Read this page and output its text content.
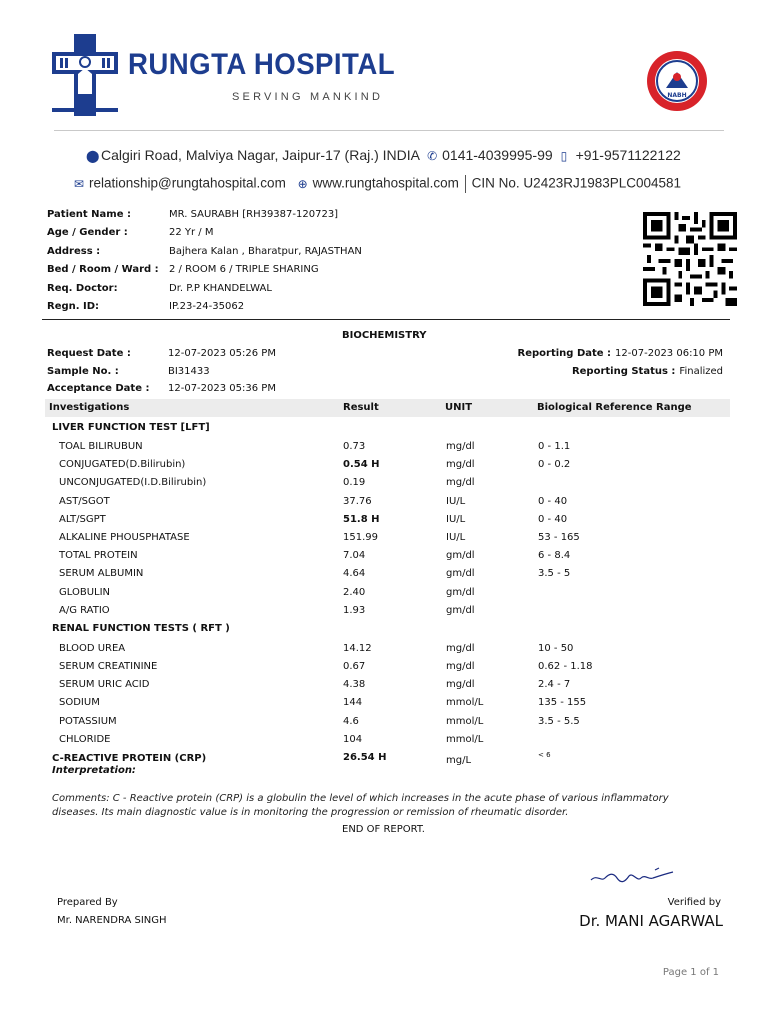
RUNGTA HOSPITAL
SERVING MANKIND	NABH
⬤ Calgiri Road, Malviya Nagar, Jaipur-17 (Raj.) INDIA ✆ 0141-4039995-99 ▯ +91-9571122122
✉ relationship@rungtahospital.com ⊕ www.rungtahospital.com CIN No. U2423RJ1983PLC004581
Patient Name :	MR. SAURABH [RH39387-120723]
Age / Gender :	22 Yr / M
Address :	Bajhera Kalan , Bharatpur, RAJASTHAN
Bed / Room / Ward :	2 / ROOM 6 / TRIPLE SHARING
Req. Doctor:	Dr. P.P KHANDELWAL
Regn. ID:	IP.23-24-35062
BIOCHEMISTRY
Request Date :	12-07-2023 05:26 PM
Sample No. :	BI31433
Acceptance Date :	12-07-2023 05:36 PM
Reporting Date : 12-07-2023 06:10 PM
Reporting Status : Finalized
Investigations	Result	UNIT	Biological Reference Range
LIVER FUNCTION TEST [LFT]
TOAL BILIRUBUN	0.73	mg/dl	0 - 1.1
CONJUGATED(D.Bilirubin)	0.54 H	mg/dl	0 - 0.2
UNCONJUGATED(I.D.Bilirubin)	0.19	mg/dl
AST/SGOT	37.76	IU/L	0 - 40
ALT/SGPT	51.8 H	IU/L	0 - 40
ALKALINE PHOUSPHATASE	151.99	IU/L	53 - 165
TOTAL PROTEIN	7.04	gm/dl	6 - 8.4
SERUM ALBUMIN	4.64	gm/dl	3.5 - 5
GLOBULIN	2.40	gm/dl
A/G RATIO	1.93	gm/dl
RENAL FUNCTION TESTS ( RFT )
BLOOD UREA	14.12	mg/dl	10 - 50
SERUM CREATININE	0.67	mg/dl	0.62 - 1.18
SERUM URIC ACID	4.38	mg/dl	2.4 - 7
SODIUM	144	mmol/L	135 - 155
POTASSIUM	4.6	mmol/L	3.5 - 5.5
CHLORIDE	104	mmol/L
C-REACTIVE PROTEIN (CRP)	26.54 H	mg/L	< 6
Interpretation:
Comments: C - Reactive protein (CRP) is a globulin the level of which increases in the acute phase of various inflammatory diseases. Its main diagnostic value is in monitoring the progression or remission of rheumatic disorder.
END OF REPORT.
Prepared By
Mr. NARENDRA SINGH
Verified by
Dr. MANI AGARWAL
Page 1 of 1
